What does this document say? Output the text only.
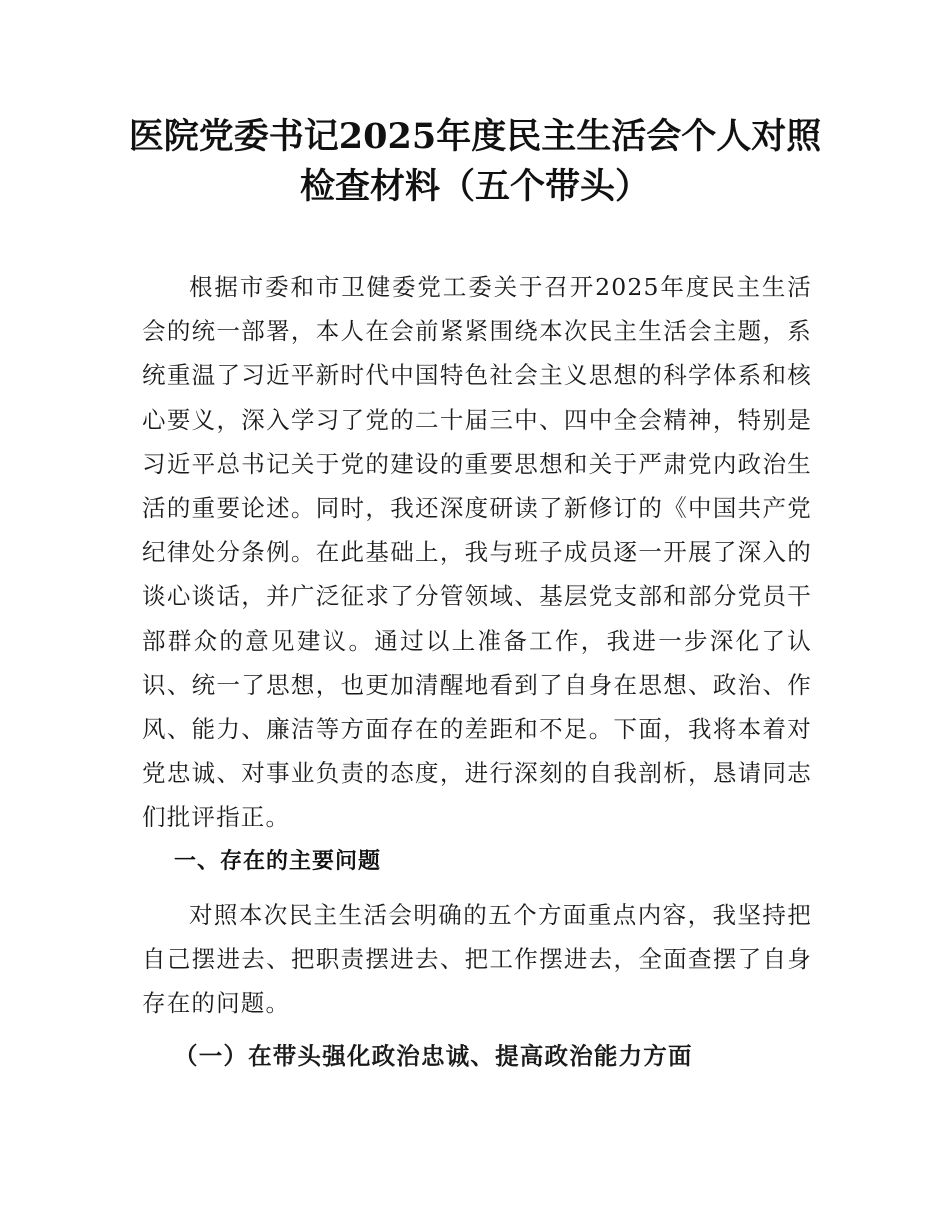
医院党委书记2025年度民主生活会个人对照
检查材料（五个带头）

根据市委和市卫健委党工委关于召开2025年度民主生活会的统一部署，本人在会前紧紧围绕本次民主生活会主题，系统重温了习近平新时代中国特色社会主义思想的科学体系和核心要义，深入学习了党的二十届三中、四中全会精神，特别是习近平总书记关于党的建设的重要思想和关于严肃党内政治生活的重要论述。同时，我还深度研读了新修订的《中国共产党纪律处分条例。在此基础上，我与班子成员逐一开展了深入的谈心谈话，并广泛征求了分管领域、基层党支部和部分党员干部群众的意见建议。通过以上准备工作，我进一步深化了认识、统一了思想，也更加清醒地看到了自身在思想、政治、作风、能力、廉洁等方面存在的差距和不足。下面，我将本着对党忠诚、对事业负责的态度，进行深刻的自我剖析，恳请同志们批评指正。

一、存在的主要问题

对照本次民主生活会明确的五个方面重点内容，我坚持把自己摆进去、把职责摆进去、把工作摆进去，全面查摆了自身存在的问题。

（一）在带头强化政治忠诚、提高政治能力方面
